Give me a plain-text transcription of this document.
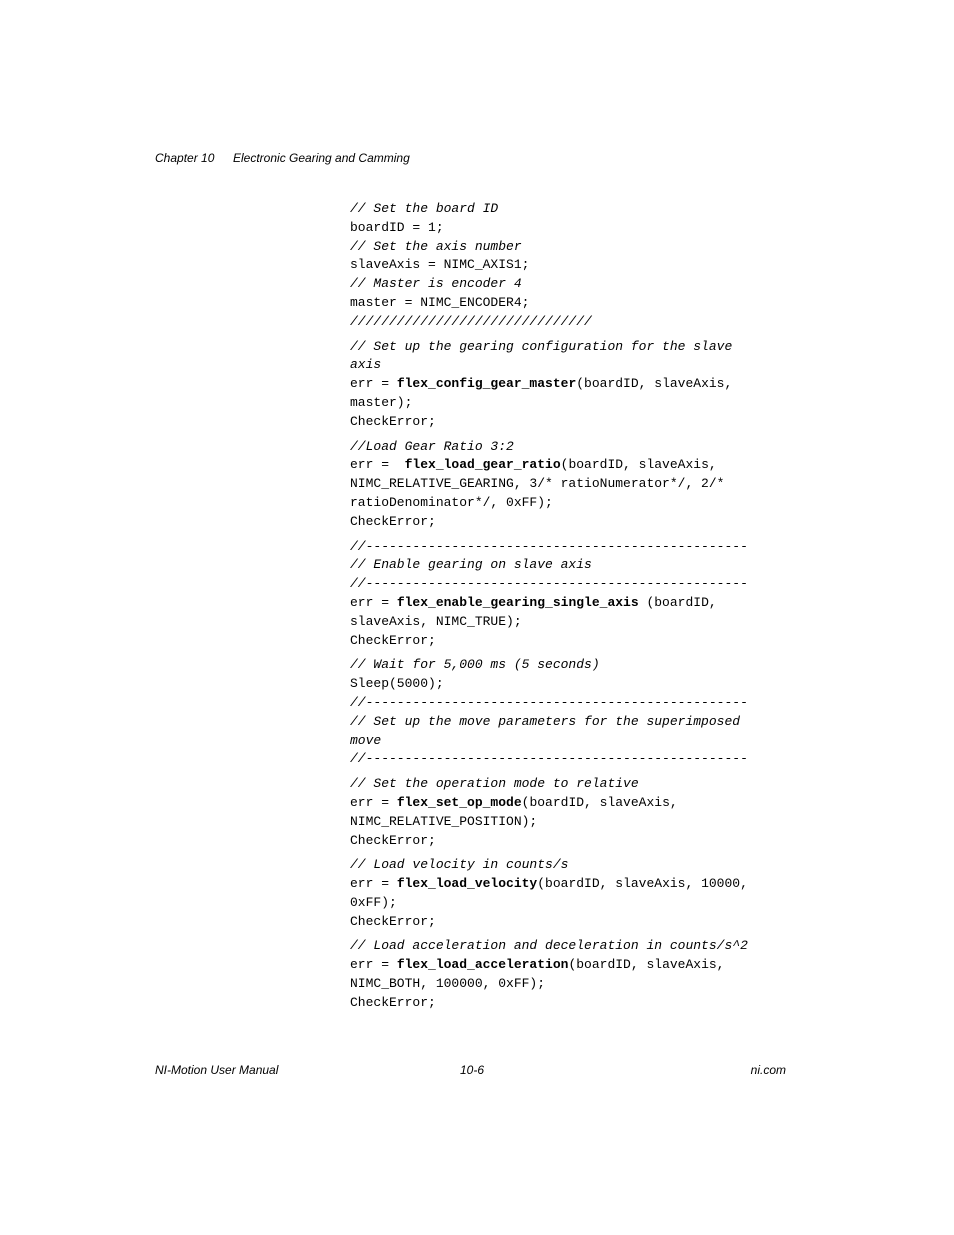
Chapter 10 Electronic Gearing and Camming
// Set the board ID
boardID = 1;
// Set the axis number
slaveAxis = NIMC_AXIS1;
// Master is encoder 4
master = NIMC_ENCODER4;
///////////////////////////////
// Set up the gearing configuration for the slave
axis
err = flex_config_gear_master(boardID, slaveAxis,
master);
CheckError;
//Load Gear Ratio 3:2
err =  flex_load_gear_ratio(boardID, slaveAxis,
NIMC_RELATIVE_GEARING, 3/* ratioNumerator*/, 2/*
ratioDenominator*/, 0xFF);
CheckError;
//-------------------------------------------------
// Enable gearing on slave axis
//-------------------------------------------------
err = flex_enable_gearing_single_axis (boardID,
slaveAxis, NIMC_TRUE);
CheckError;
// Wait for 5,000 ms (5 seconds)
Sleep(5000);
//-------------------------------------------------
// Set up the move parameters for the superimposed
move
//-------------------------------------------------
// Set the operation mode to relative
err = flex_set_op_mode(boardID, slaveAxis,
NIMC_RELATIVE_POSITION);
CheckError;
// Load velocity in counts/s
err = flex_load_velocity(boardID, slaveAxis, 10000,
0xFF);
CheckError;
// Load acceleration and deceleration in counts/s^2
err = flex_load_acceleration(boardID, slaveAxis,
NIMC_BOTH, 100000, 0xFF);
CheckError;
NI-Motion User Manual	10-6	ni.com
